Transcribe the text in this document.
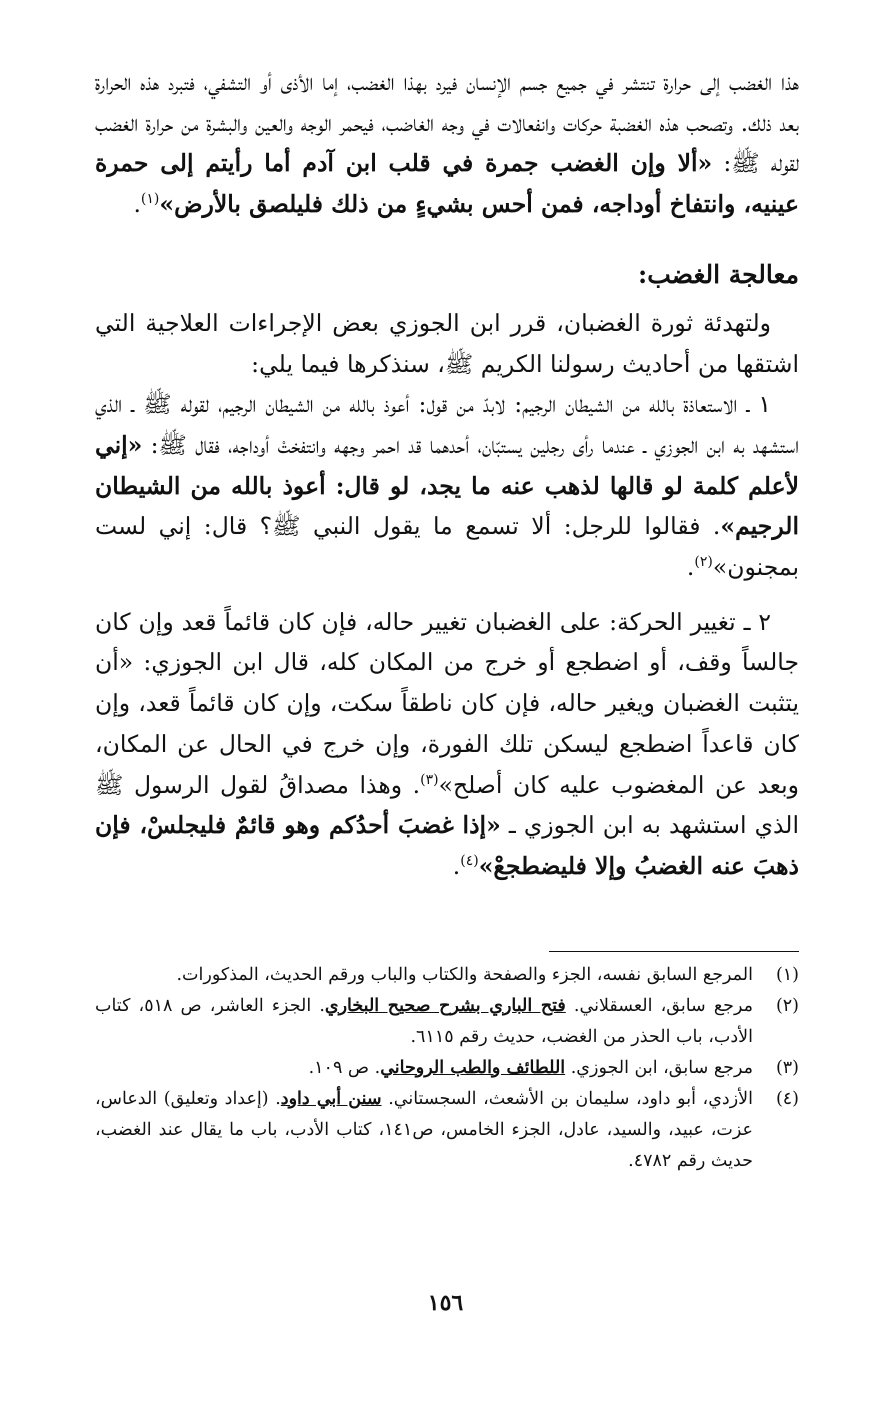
هذا الغضب إلى حرارة تنتشر في جميع جسم الإنسان فيرد بهذا الغضب، إما الأذى أو التشفي، فتبرد هذه الحرارة بعد ذلك. وتصحب هذه الغضبة حركات وانفعالات في وجه الغاضب، فيحمر الوجه والعين والبشرة من حرارة الغضب لقوله ﷺ: «ألا وإن الغضب جمرة في قلب ابن آدم أما رأيتم إلى حمرة عينيه، وانتفاخ أوداجه، فمن أحس بشيءٍ من ذلك فليلصق بالأرض»$^{(١)}$.

معالجة الغضب:

ولتهدئة ثورة الغضبان، قرر ابن الجوزي بعض الإجراءات العلاجية التي اشتقها من أحاديث رسولنا الكريم ﷺ، سنذكرها فيما يلي:

١ ـ الاستعاذة بالله من الشيطان الرجيم: لابدّ من قول: أعوذ بالله من الشيطان الرجيم، لقوله ﷺ ـ الذي استشهد به ابن الجوزي ـ عندما رأى رجلين يستبّان، أحدهما قد احمر وجهه وانتفختْ أوداجه، فقال ﷺ: «إني لأعلم كلمة لو قالها لذهب عنه ما يجد، لو قال: أعوذ بالله من الشيطان الرجيم». فقالوا للرجل: ألا تسمع ما يقول النبي ﷺ؟ قال: إني لست بمجنون»$^{(٢)}$.

٢ ـ تغيير الحركة: على الغضبان تغيير حاله، فإن كان قائماً قعد وإن كان جالساً وقف، أو اضطجع أو خرج من المكان كله، قال ابن الجوزي: «أن يتثبت الغضبان ويغير حاله، فإن كان ناطقاً سكت، وإن كان قائماً قعد، وإن كان قاعداً اضطجع ليسكن تلك الفورة، وإن خرج في الحال عن المكان، وبعد عن المغضوب عليه كان أصلح»$^{(٣)}$. وهذا مصداقُ لقول الرسول ﷺ الذي استشهد به ابن الجوزي ـ «إذا غضبَ أحدُكم وهو قائمٌ فليجلسْ، فإن ذهبَ عنه الغضبُ وإلا فليضطجعْ»$^{(٤)}$.

(١)
المرجع السابق نفسه، الجزء والصفحة والكتاب والباب ورقم الحديث، المذكورات.
(٢)
مرجع سابق، العسقلاني. فتح الباري بشرح صحيح البخاري. الجزء العاشر، ص ٥١٨، كتاب الأدب، باب الحذر من الغضب، حديث رقم ٦١١٥.
(٣)
مرجع سابق، ابن الجوزي. اللطائف والطب الروحاني. ص ١٠٩.
(٤)
الأزدي، أبو داود، سليمان بن الأشعث، السجستاني. سنن أبي داود. (إعداد وتعليق) الدعاس، عزت، عبيد، والسيد، عادل، الجزء الخامس، ص١٤١، كتاب الأدب، باب ما يقال عند الغضب، حديث رقم ٤٧٨٢.
١٥٦
